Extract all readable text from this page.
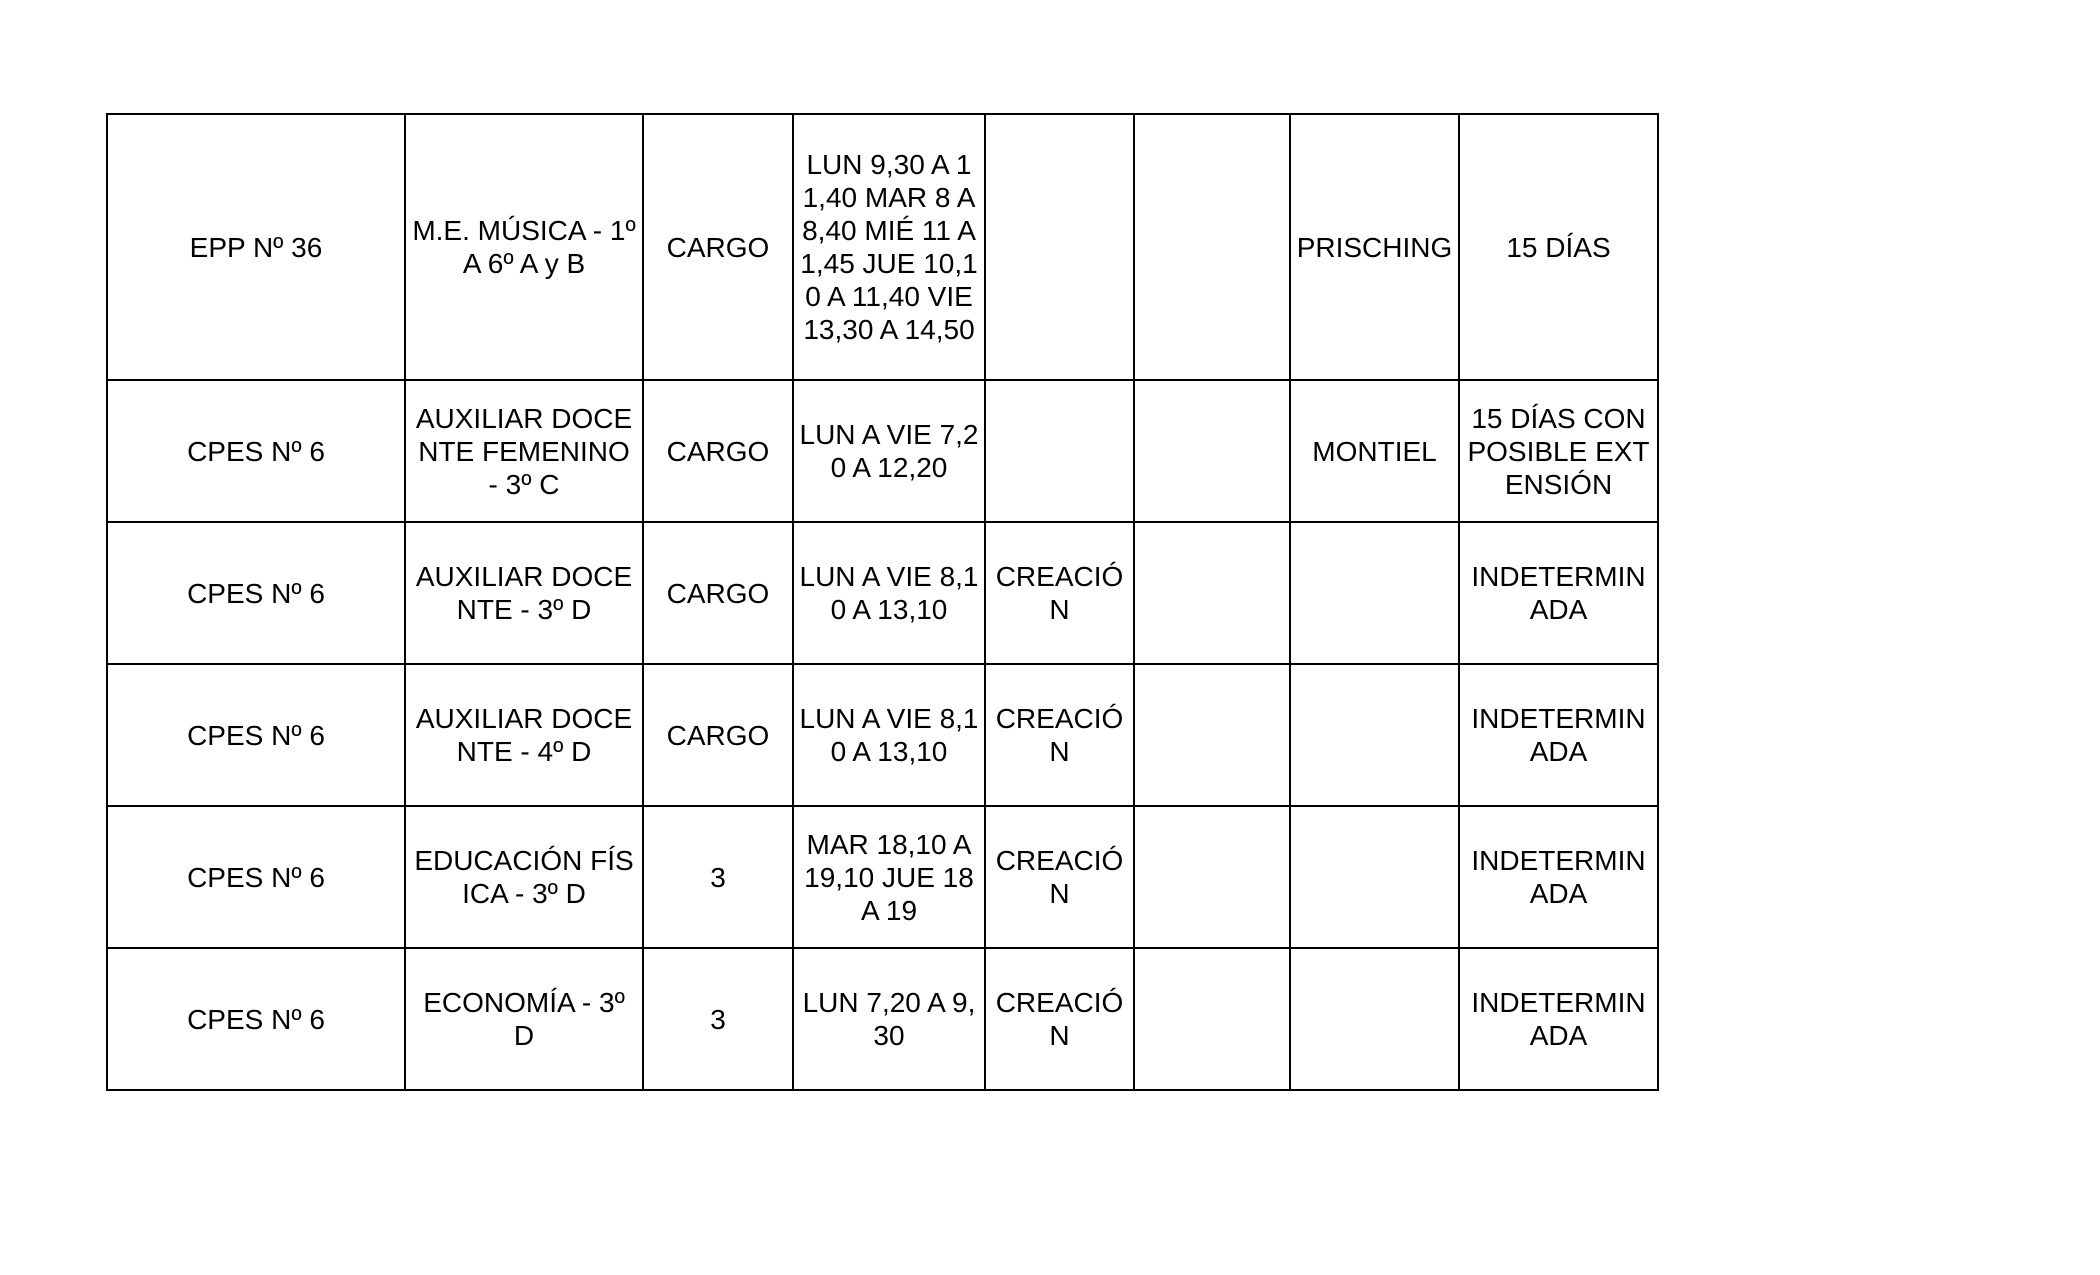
EPP Nº 36	M.E. MÚSICA - 1º A 6º A y B	CARGO	LUN 9,30 A 11,40 MAR 8 A 8,40 MIÉ 11 A 1,45 JUE 10,10 A 11,40 VIE 13,30 A 14,50			PRISCHING	15 DÍAS
CPES Nº 6	AUXILIAR DOCENTE FEMENINO - 3º C	CARGO	LUN A VIE 7,20 A 12,20			MONTIEL	15 DÍAS CON POSIBLE EXTENSIÓN
CPES Nº 6	AUXILIAR DOCENTE - 3º D	CARGO	LUN A VIE 8,10 A 13,10	CREACIÓN			INDETERMINADA
CPES Nº 6	AUXILIAR DOCENTE - 4º D	CARGO	LUN A VIE 8,10 A 13,10	CREACIÓN			INDETERMINADA
CPES Nº 6	EDUCACIÓN FÍSICA - 3º D	3	MAR 18,10 A 19,10 JUE 18 A 19	CREACIÓN			INDETERMINADA
CPES Nº 6	ECONOMÍA - 3º D	3	LUN 7,20 A 9,30	CREACIÓN			INDETERMINADA
